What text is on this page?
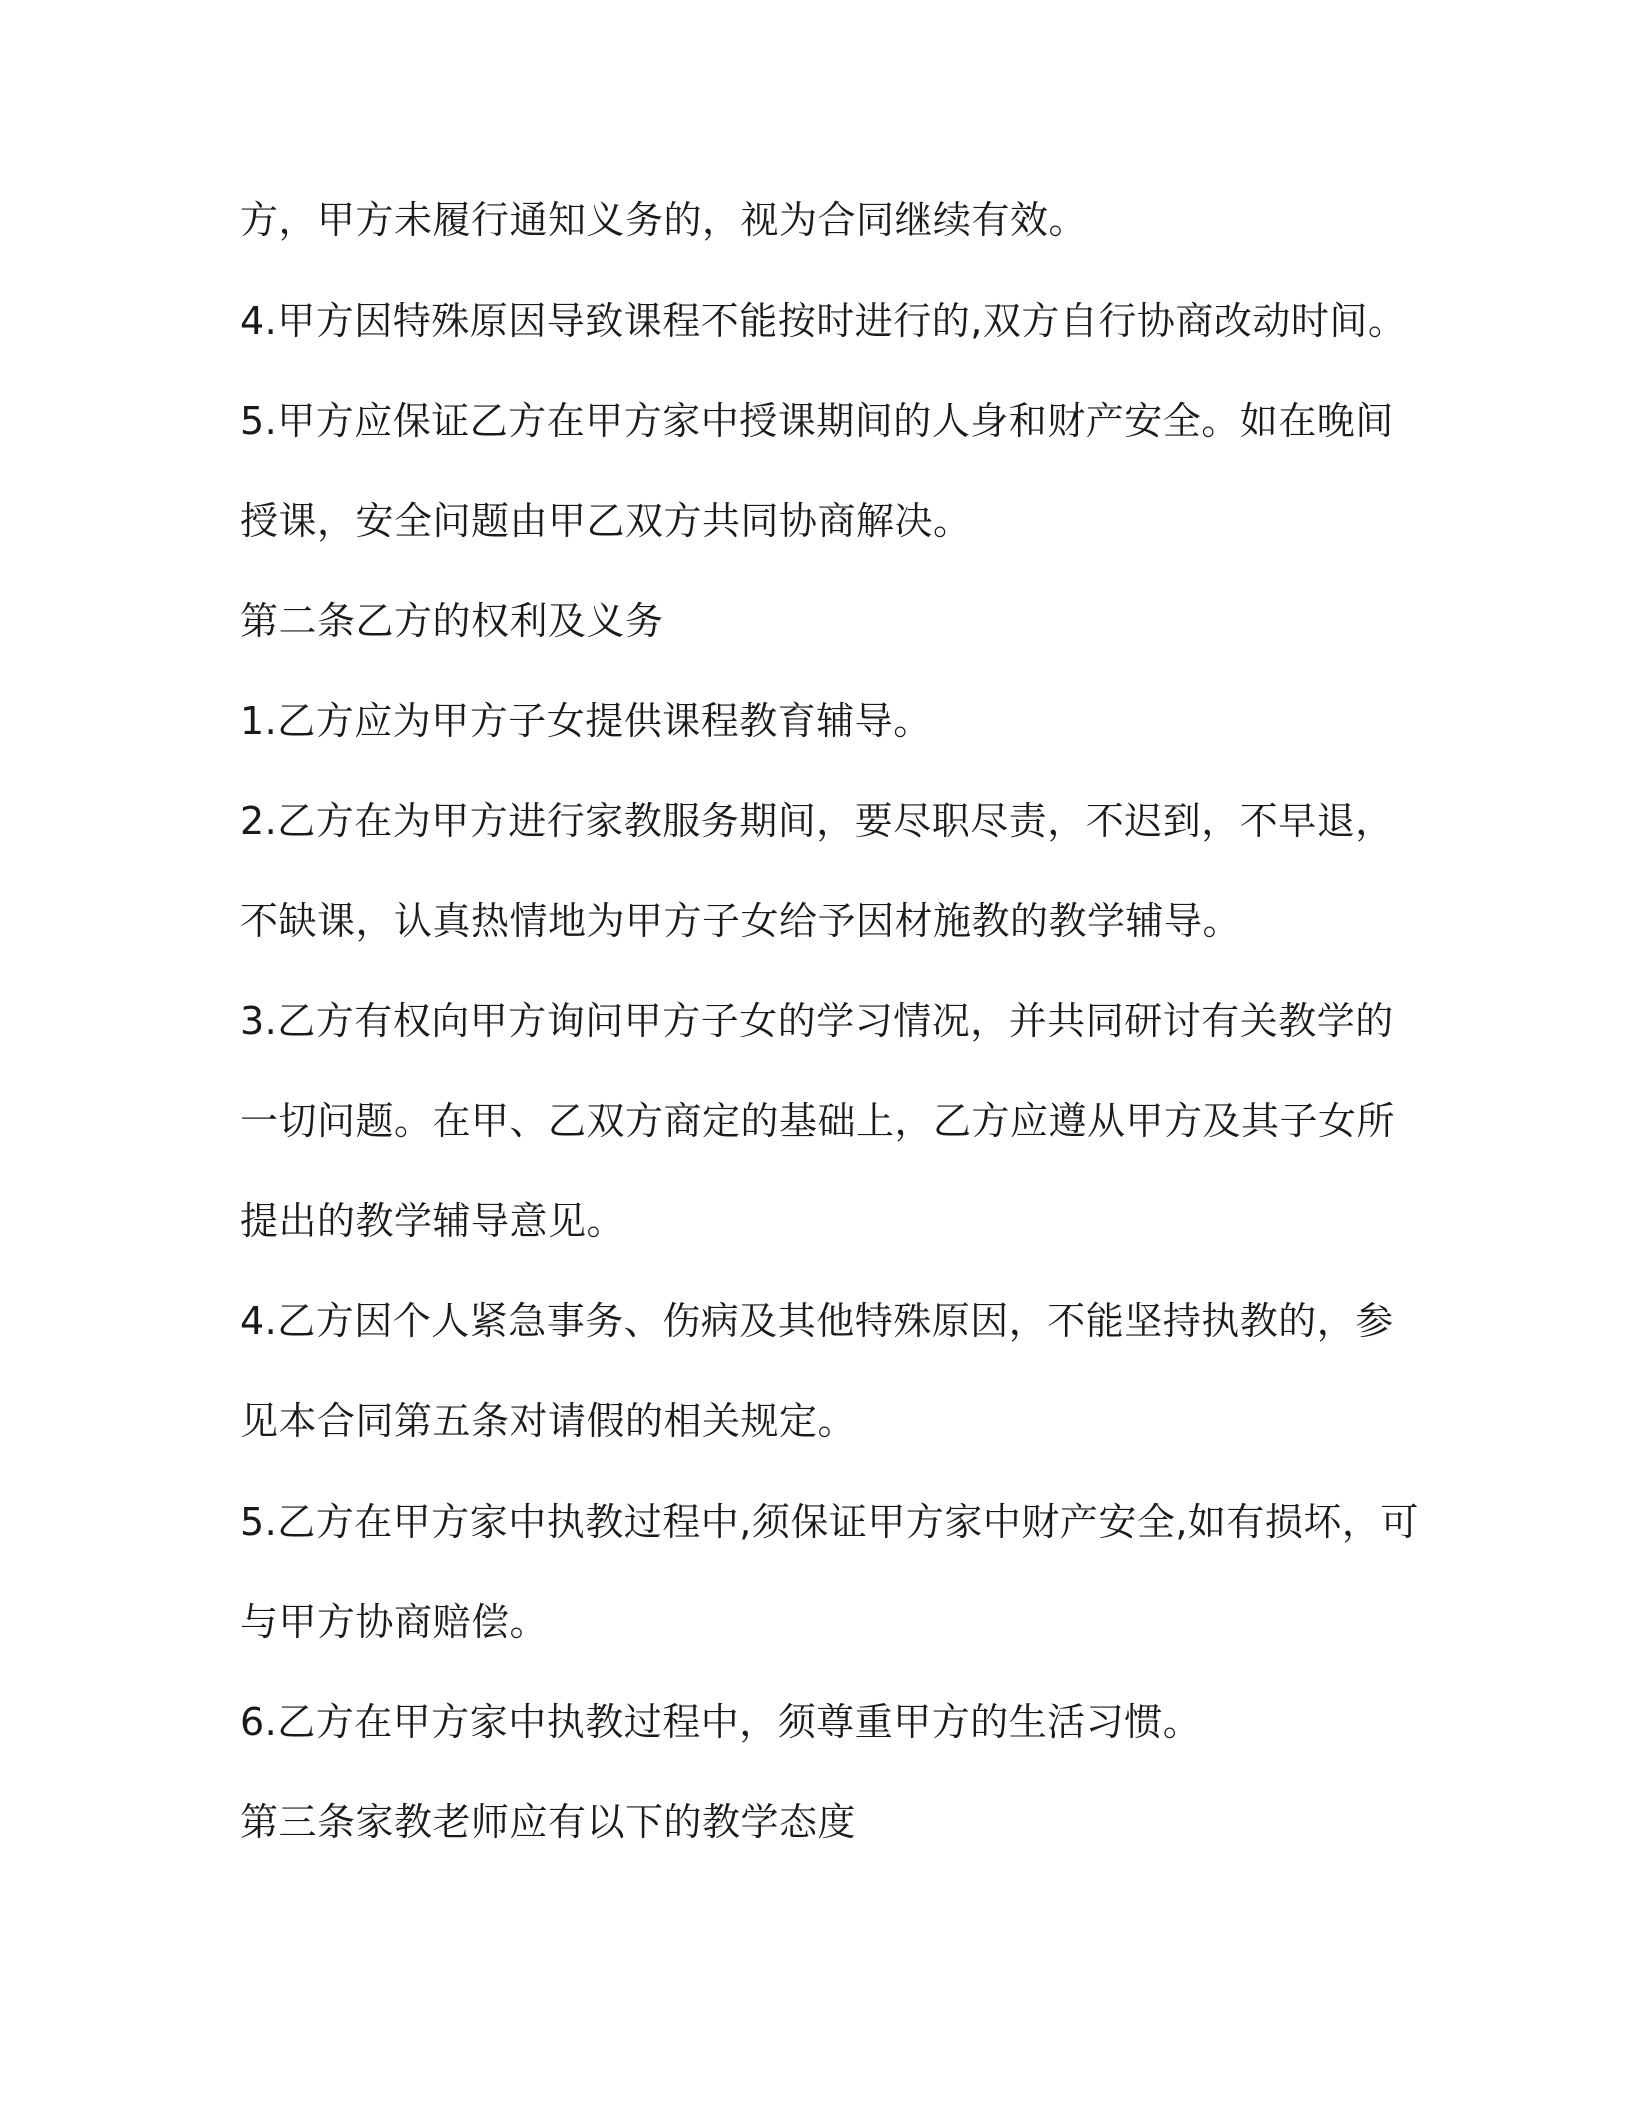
方，甲方未履行通知义务的，视为合同继续有效。
4.甲方因特殊原因导致课程不能按时进行的,双方自行协商改动时间。
5.甲方应保证乙方在甲方家中授课期间的人身和财产安全。如在晚间
授课，安全问题由甲乙双方共同协商解决。
第二条乙方的权利及义务
1.乙方应为甲方子女提供课程教育辅导。
2.乙方在为甲方进行家教服务期间，要尽职尽责，不迟到，不早退，
不缺课，认真热情地为甲方子女给予因材施教的教学辅导。
3.乙方有权向甲方询问甲方子女的学习情况，并共同研讨有关教学的
一切问题。在甲、乙双方商定的基础上，乙方应遵从甲方及其子女所
提出的教学辅导意见。
4.乙方因个人紧急事务、伤病及其他特殊原因，不能坚持执教的，参
见本合同第五条对请假的相关规定。
5.乙方在甲方家中执教过程中,须保证甲方家中财产安全,如有损坏，可
与甲方协商赔偿。
6.乙方在甲方家中执教过程中，须尊重甲方的生活习惯。
第三条家教老师应有以下的教学态度
